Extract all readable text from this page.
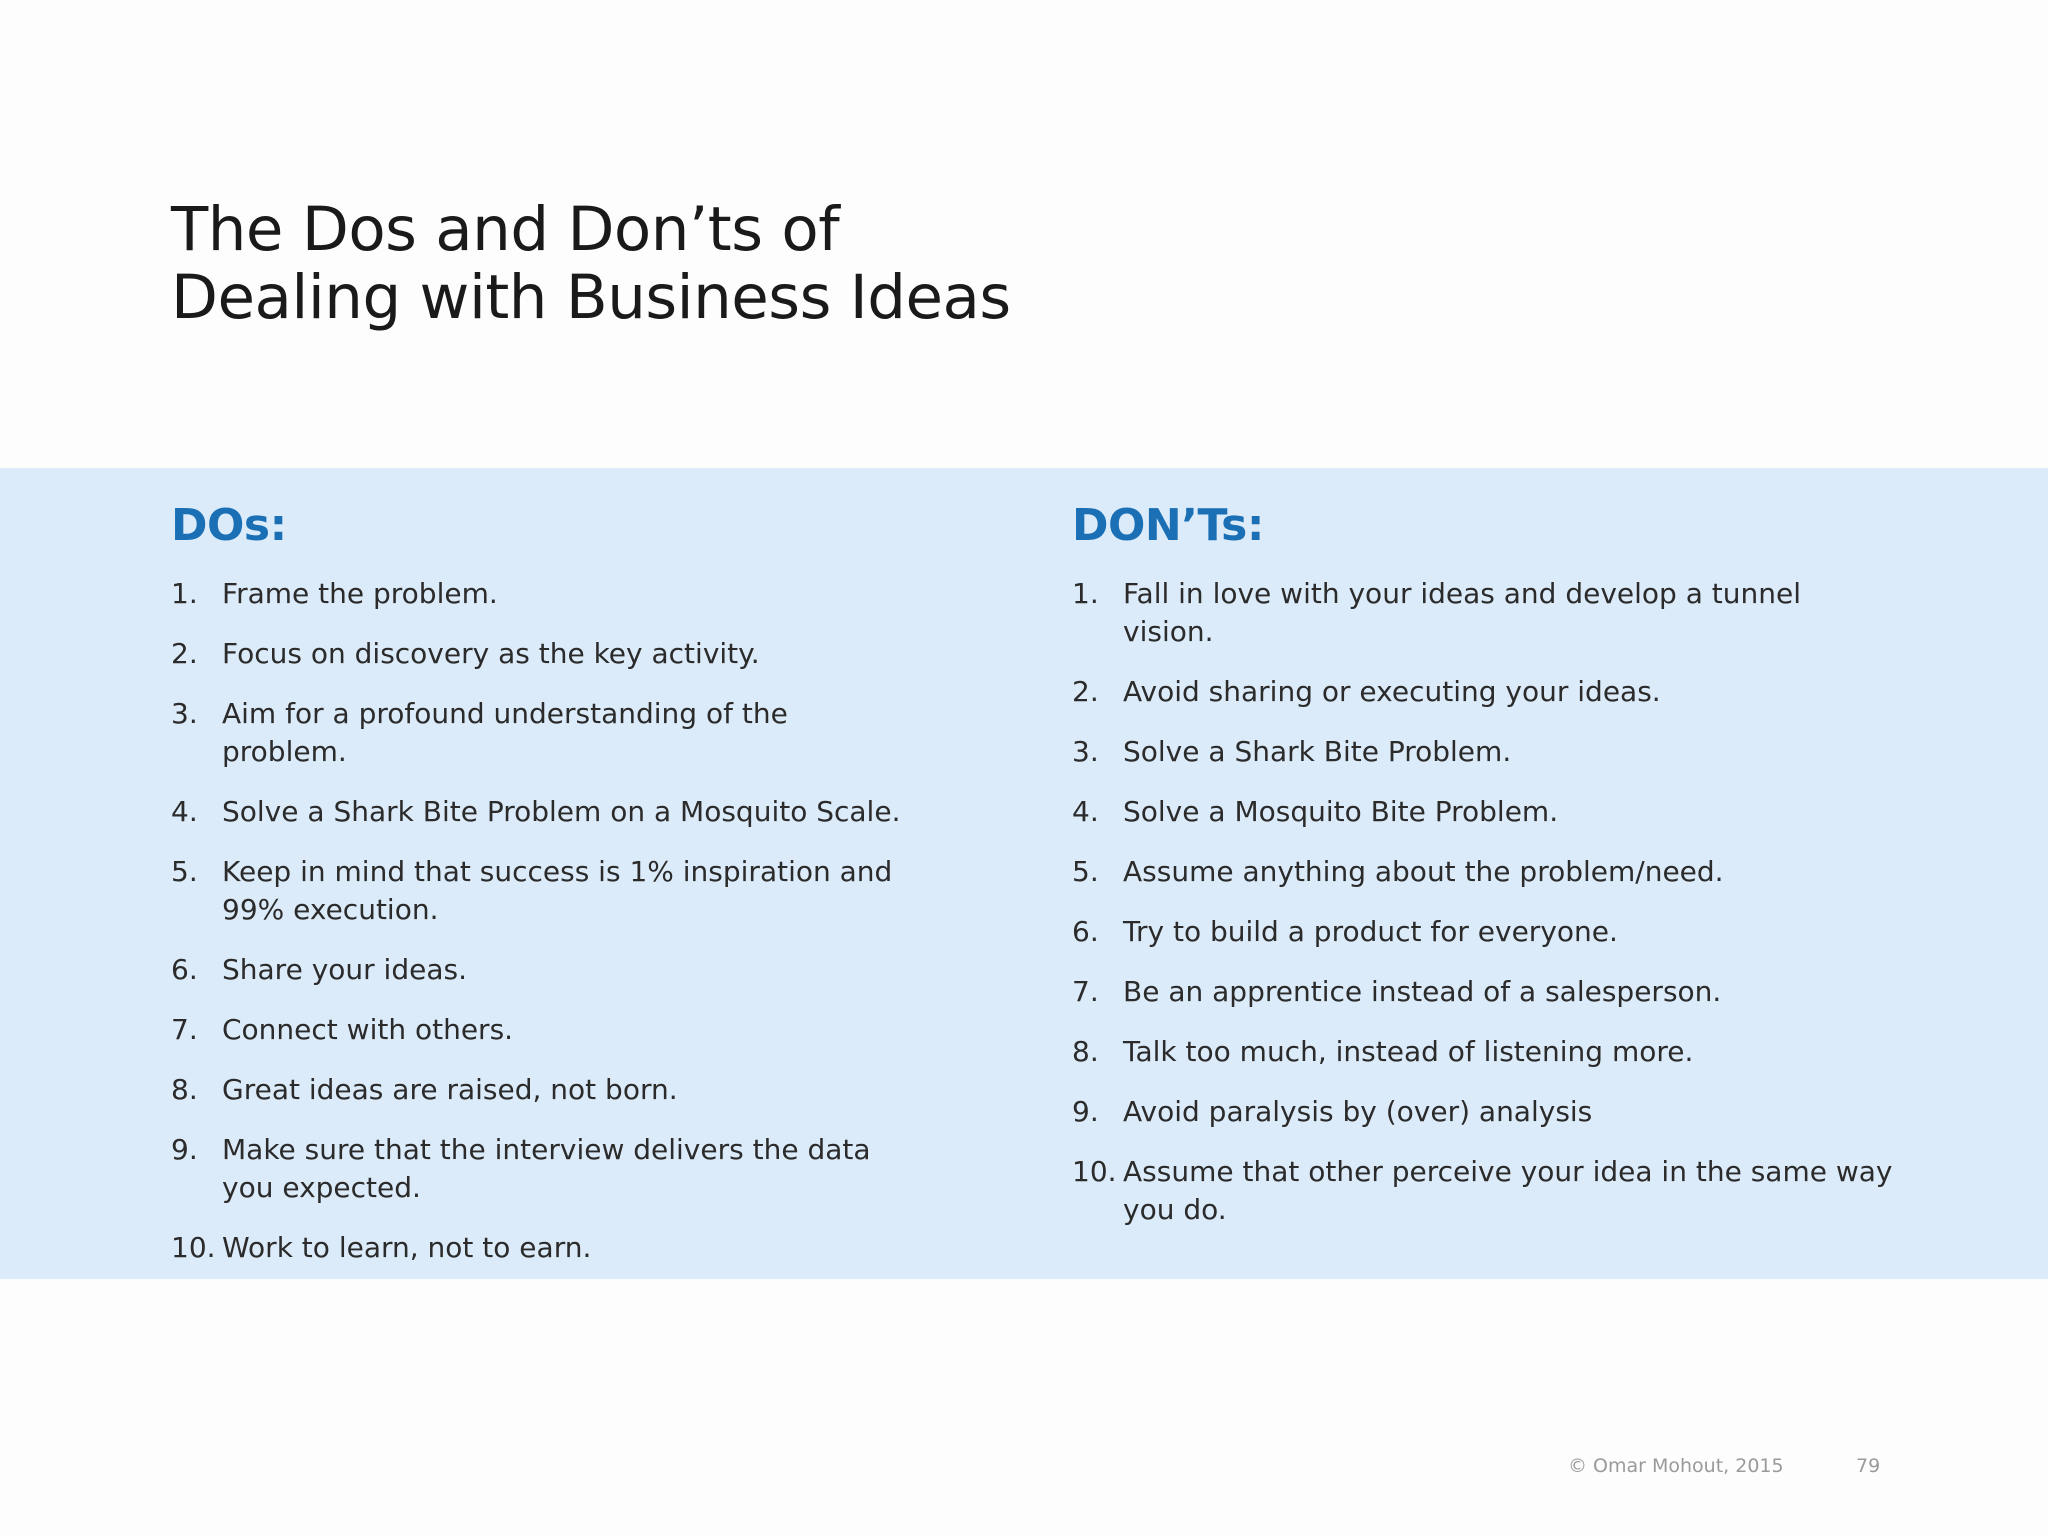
The Dos and Don’ts of
Dealing with Business Ideas
DOs:
1. Frame the problem.
2. Focus on discovery as the key activity.
3. Aim for a profound understanding of the problem.
4. Solve a Shark Bite Problem on a Mosquito Scale.
5. Keep in mind that success is 1% inspiration and 99% execution.
6. Share your ideas.
7. Connect with others.
8. Great ideas are raised, not born.
9. Make sure that the interview delivers the data you expected.
10. Work to learn, not to earn.
DON’Ts:
1. Fall in love with your ideas and develop a tunnel vision.
2. Avoid sharing or executing your ideas.
3. Solve a Shark Bite Problem.
4. Solve a Mosquito Bite Problem.
5. Assume anything about the problem/need.
6. Try to build a product for everyone.
7. Be an apprentice instead of a salesperson.
8. Talk too much, instead of listening more.
9. Avoid paralysis by (over) analysis
10. Assume that other perceive your idea in the same way you do.
© Omar Mohout, 2015	79
